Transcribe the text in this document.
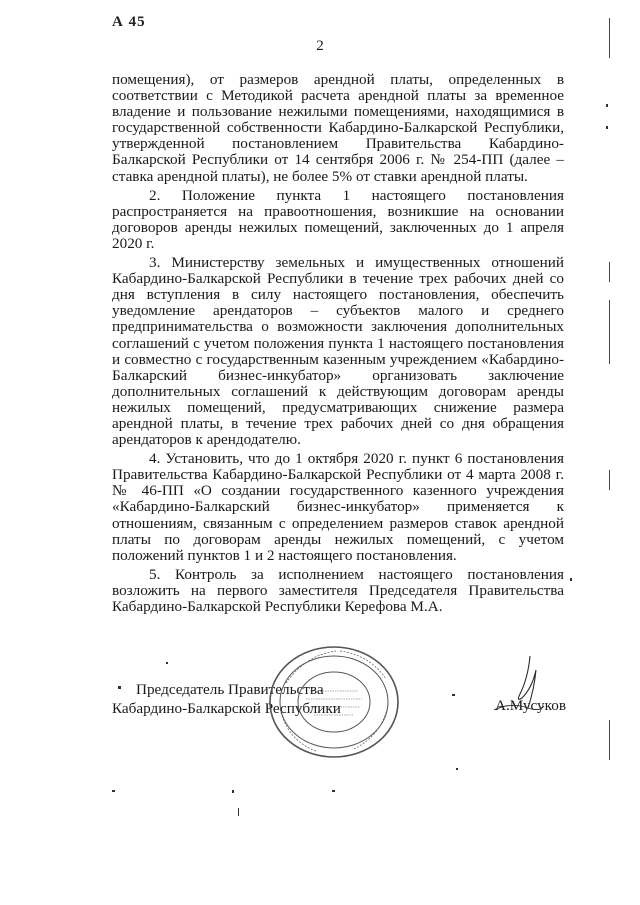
А 45
2

помещения), от размеров арендной платы, определенных в соответствии с Методикой расчета арендной платы за временное владение и пользование нежилыми помещениями, находящимися в государственной собственности Кабардино-Балкарской Республики, утвержденной постановлением Правительства Кабардино-Балкарской Республики от 14 сентября 2006 г. № 254-ПП (далее – ставка арендной платы), не более 5% от ставки арендной платы.

2. Положение пункта 1 настоящего постановления распространяется на правоотношения, возникшие на основании договоров аренды нежилых помещений, заключенных до 1 апреля 2020 г.

3. Министерству земельных и имущественных отношений Кабардино-Балкарской Республики в течение трех рабочих дней со дня вступления в силу настоящего постановления, обеспечить уведомление арендаторов – субъектов малого и среднего предпринимательства о возможности заключения дополнительных соглашений с учетом положения пункта 1 настоящего постановления и совместно с государственным казенным учреждением «Кабардино-Балкарский бизнес-инкубатор» организовать заключение дополнительных соглашений к действующим договорам аренды нежилых помещений, предусматривающих снижение размера арендной платы, в течение трех рабочих дней со дня обращения арендаторов к арендодателю.

4. Установить, что до 1 октября 2020 г. пункт 6 постановления Правительства Кабардино-Балкарской Республики от 4 марта 2008 г. № 46-ПП «О создании государственного казенного учреждения «Кабардино-Балкарский бизнес-инкубатор» применяется к отношениям, связанным с определением размеров ставок арендной платы по договорам аренды нежилых помещений, с учетом положений пунктов 1 и 2 настоящего постановления.

5. Контроль за исполнением настоящего постановления возложить на первого заместителя Председателя Правительства Кабардино-Балкарской Республики Керефова М.А.

Председатель Правительства
Кабардино-Балкарской Республики	А.Мусуков
